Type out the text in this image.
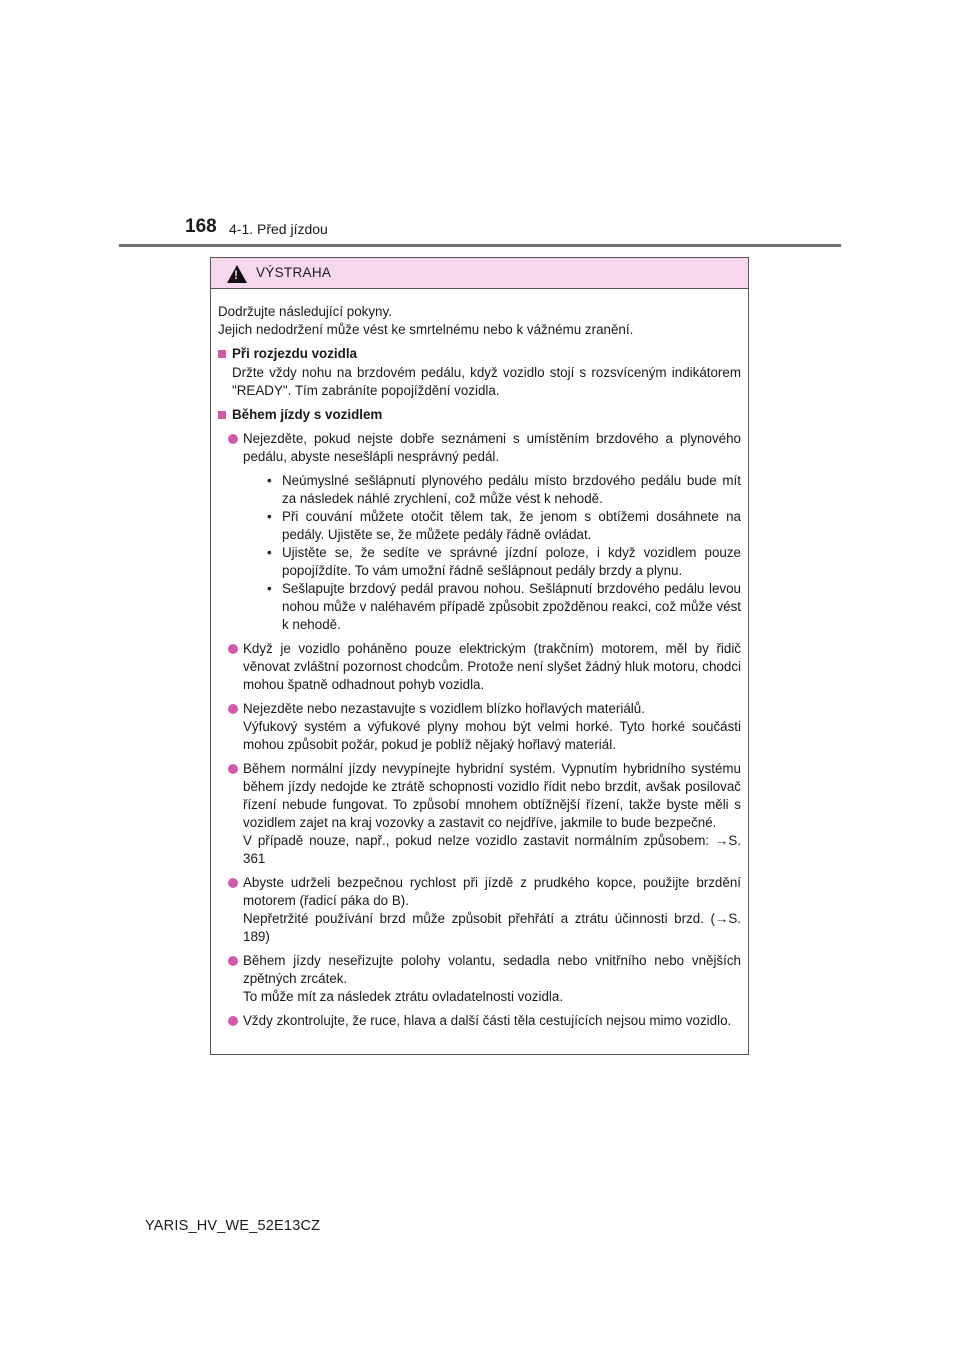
168 4-1. Před jízdou
!
VÝSTRAHA

Dodržujte následující pokyny.

Jejich nedodržení může vést ke smrtelnému nebo k vážnému zranění.

Při rozjezdu vozidla
Držte vždy nohu na brzdovém pedálu, když vozidlo stojí s rozsvíceným indikátorem "READY". Tím zabráníte popojíždění vozidla.
Během jízdy s vozidlem
Nejezděte, pokud nejste dobře seznámeni s umístěním brzdového a plynového pedálu, abyste nesešlápli nesprávný pedál.
• Neúmyslné sešlápnutí plynového pedálu místo brzdového pedálu bude mít za následek náhlé zrychlení, což může vést k nehodě.
• Při couvání můžete otočit tělem tak, že jenom s obtížemi dosáhnete na pedály. Ujistěte se, že můžete pedály řádně ovládat.
• Ujistěte se, že sedíte ve správné jízdní poloze, i když vozidlem pouze popojíždíte. To vám umožní řádně sešlápnout pedály brzdy a plynu.
• Sešlapujte brzdový pedál pravou nohou. Sešlápnutí brzdového pedálu levou nohou může v naléhavém případě způsobit zpožděnou reakci, což může vést k nehodě.
Když je vozidlo poháněno pouze elektrickým (trakčním) motorem, měl by řidič věnovat zvláštní pozornost chodcům. Protože není slyšet žádný hluk motoru, chodci mohou špatně odhadnout pohyb vozidla.
Nejezděte nebo nezastavujte s vozidlem blízko hořlavých materiálů.
Výfukový systém a výfukové plyny mohou být velmi horké. Tyto horké součásti mohou způsobit požár, pokud je poblíž nějaký hořlavý materiál.
Během normální jízdy nevypínejte hybridní systém. Vypnutím hybridního systému během jízdy nedojde ke ztrátě schopnosti vozidlo řídit nebo brzdit, avšak posilovač řízení nebude fungovat. To způsobí mnohem obtížnější řízení, takže byste měli s vozidlem zajet na kraj vozovky a zastavit co nejdříve, jakmile to bude bezpečné.
V případě nouze, např., pokud nelze vozidlo zastavit normálním způsobem: →S. 361
Abyste udrželi bezpečnou rychlost při jízdě z prudkého kopce, použijte brzdění motorem (řadicí páka do B).
Nepřetržité používání brzd může způsobit přehřátí a ztrátu účinnosti brzd. (→S. 189)
Během jízdy neseřizujte polohy volantu, sedadla nebo vnitřního nebo vnějších zpětných zrcátek.
To může mít za následek ztrátu ovladatelnosti vozidla.
Vždy zkontrolujte, že ruce, hlava a další části těla cestujících nejsou mimo vozidlo.
YARIS_HV_WE_52E13CZ
